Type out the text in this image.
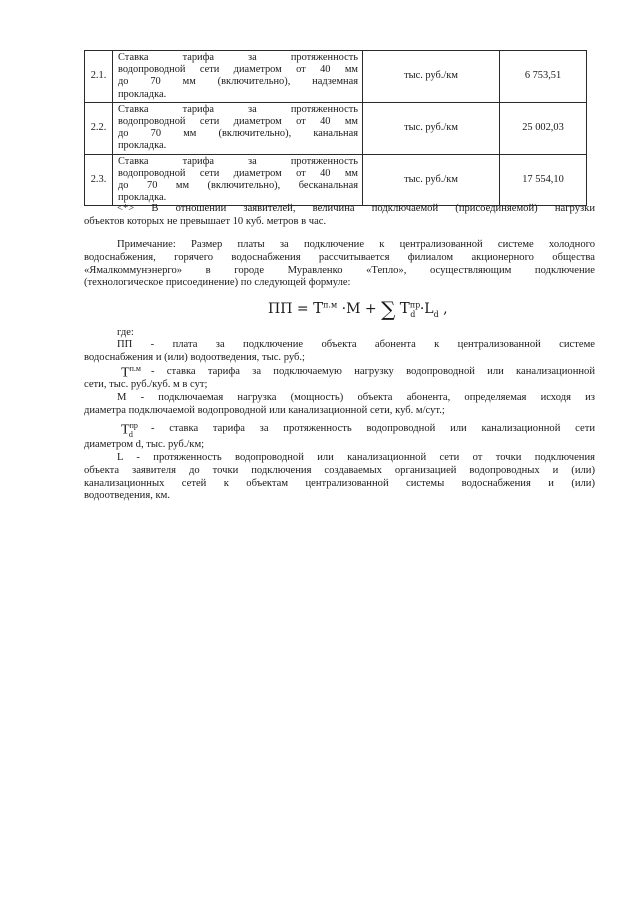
2.1.	Ставка тарифа за протяженность
водопроводной сети диаметром от 40 мм
до 70 мм (включительно), надземная
прокладка.	тыс. руб./км	6 753,51
2.2.	Ставка тарифа за протяженность
водопроводной сети диаметром от 40 мм
до 70 мм (включительно), канальная
прокладка.	тыс. руб./км	25 002,03
2.3.	Ставка тарифа за протяженность
водопроводной сети диаметром от 40 мм
до 70 мм (включительно), бесканальная
прокладка.	тыс. руб./км	17 554,10
<*> В отношении заявителей, величина подключаемой (присоединяемой) нагрузки
объектов которых не превышает 10 куб. метров в час.
Примечание: Размер платы за подключение к централизованной системе холодного
водоснабжения, горячего водоснабжения рассчитывается филиалом акционерного общества
«Ямалкоммунэнерго» в городе Муравленко «Тепло», осуществляющим подключение
(технологическое присоединение) по следующей формуле:
ПП = $T^{п.м} \cdot M$ + ∑ $T^{пр}_d \cdot L_d$ ,
где:
ПП - плата за подключение объекта абонента к централизованной системе
водоснабжения и (или) водоотведения, тыс. руб.;
$T^{п.м}$ - ставка тарифа за подключаемую нагрузку водопроводной или канализационной
сети, тыс. руб./куб. м в сут;
M - подключаемая нагрузка (мощность) объекта абонента, определяемая исходя из
диаметра подключаемой водопроводной или канализационной сети, куб. м/сут.;
$T^{пр}_d$
- ставка тарифа за протяженность водопроводной или канализационной сети
диаметром d, тыс. руб./км;
L - протяженность водопроводной или канализационной сети от точки подключения
объекта заявителя до точки подключения создаваемых организацией водопроводных и (или)
канализационных сетей к объектам централизованной системы водоснабжения и (или)
водоотведения, км.
